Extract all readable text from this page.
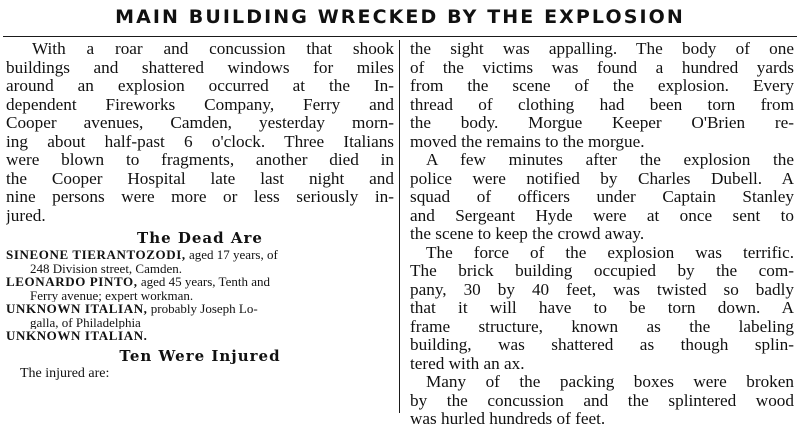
MAIN BUILDING WRECKED BY THE EXPLOSION
With a roar and concussion that shook
buildings and shattered windows for miles
around an explosion occurred at the In-
dependent Fireworks Company, Ferry and
Cooper avenues, Camden, yesterday morn-
ing about half-past 6 o'clock. Three Italians
were blown to fragments, another died in
the Cooper Hospital late last night and
nine persons were more or less seriously in-
jured.
The Dead Are
SINEONE TIERANTOZODI, aged 17 years, of
248 Division street, Camden.
LEONARDO PINTO, aged 45 years, Tenth and
Ferry avenue; expert workman.
UNKNOWN ITALIAN, probably Joseph Lo-
galla, of Philadelphia
UNKNOWN ITALIAN.
Ten Were Injured
The injured are:
the sight was appalling. The body of one
of the victims was found a hundred yards
from the scene of the explosion. Every
thread of clothing had been torn from
the body. Morgue Keeper O'Brien re-
moved the remains to the morgue.
A few minutes after the explosion the
police were notified by Charles Dubell. A
squad of officers under Captain Stanley
and Sergeant Hyde were at once sent to
the scene to keep the crowd away.
The force of the explosion was terrific.
The brick building occupied by the com-
pany, 30 by 40 feet, was twisted so badly
that it will have to be torn down. A
frame structure, known as the labeling
building, was shattered as though splin-
tered with an ax.
Many of the packing boxes were broken
by the concussion and the splintered wood
was hurled hundreds of feet.
